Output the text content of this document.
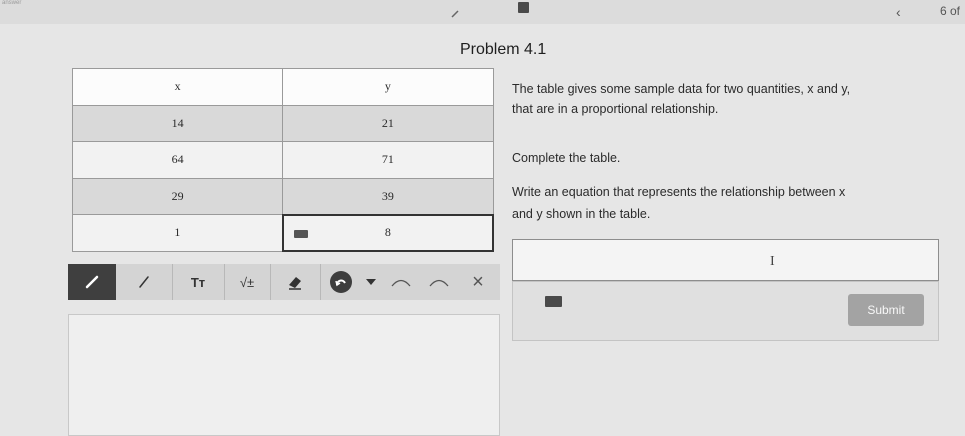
answer
‹	6 of
Problem 4.1
x	y
14	21
64	71
29	39
1	8
The table gives some sample data for two quantities, x and y,
that are in a proportional relationship.
Complete the table.
Write an equation that represents the relationship between x
and y shown in the table.
Tт	√±	×
I
Submit
